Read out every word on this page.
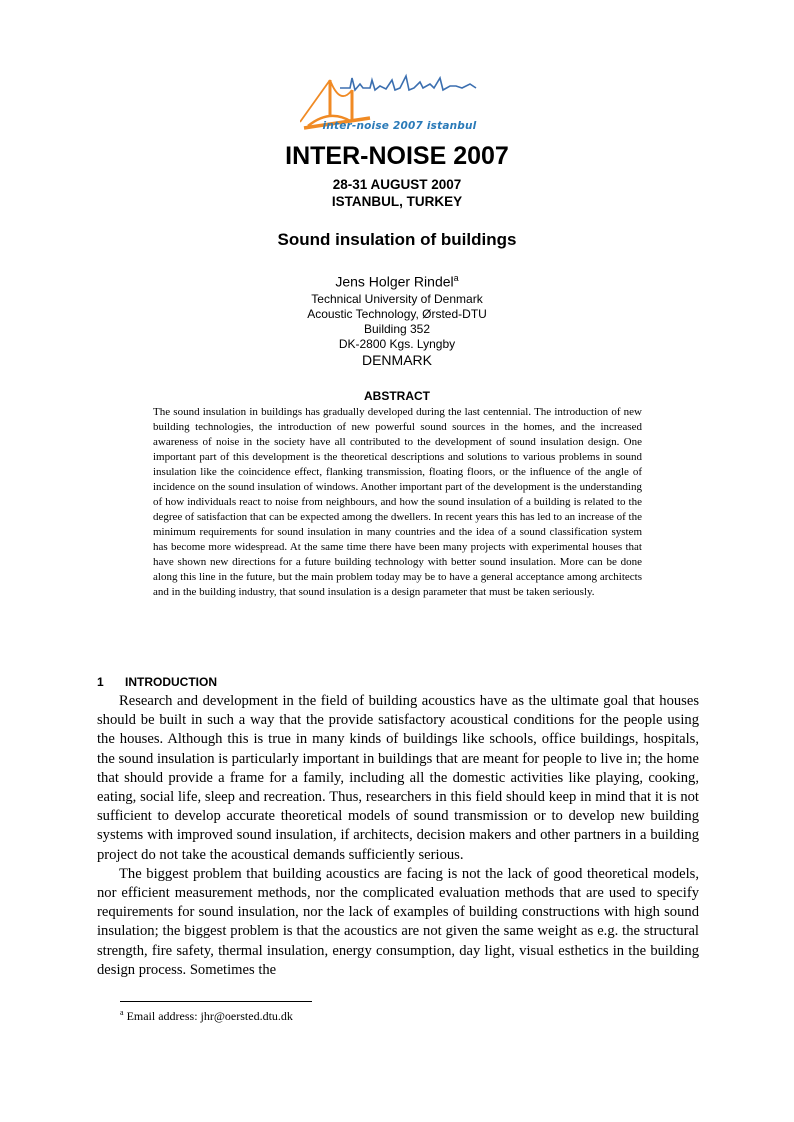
inter-noise 2007 istanbul
INTER-NOISE 2007
28-31 AUGUST 2007
ISTANBUL, TURKEY
Sound insulation of buildings
Jens Holger Rindel$^a$
Technical University of Denmark
Acoustic Technology, Ørsted-DTU
Building 352
DK-2800 Kgs. Lyngby
DENMARK
ABSTRACT
The sound insulation in buildings has gradually developed during the last centennial. The introduction of new building technologies, the introduction of new powerful sound sources in the homes, and the increased awareness of noise in the society have all contributed to the development of sound insulation design. One important part of this development is the theoretical descriptions and solutions to various problems in sound insulation like the coincidence effect, flanking transmission, floating floors, or the influence of the angle of incidence on the sound insulation of windows. Another important part of the development is the understanding of how individuals react to noise from neighbours, and how the sound insulation of a building is related to the degree of satisfaction that can be expected among the dwellers. In recent years this has led to an increase of the minimum requirements for sound insulation in many countries and the idea of a sound classification system has become more widespread. At the same time there have been many projects with experimental houses that have shown new directions for a future building technology with better sound insulation. More can be done along this line in the future, but the main problem today may be to have a general acceptance among architects and in the building industry, that sound insulation is a design parameter that must be taken seriously.
1 INTRODUCTION

Research and development in the field of building acoustics have as the ultimate goal that houses should be built in such a way that the provide satisfactory acoustical conditions for the people using the houses. Although this is true in many kinds of buildings like schools, office buildings, hospitals, the sound insulation is particularly important in buildings that are meant for people to live in; the home that should provide a frame for a family, including all the domestic activities like playing, cooking, eating, social life, sleep and recreation. Thus, researchers in this field should keep in mind that it is not sufficient to develop accurate theoretical models of sound transmission or to develop new building systems with improved sound insulation, if architects, decision makers and other partners in a building project do not take the acoustical demands sufficiently serious.

The biggest problem that building acoustics are facing is not the lack of good theoretical models, nor efficient measurement methods, nor the complicated evaluation methods that are used to specify requirements for sound insulation, nor the lack of examples of building constructions with high sound insulation; the biggest problem is that the acoustics are not given the same weight as e.g. the structural strength, fire safety, thermal insulation, energy consumption, day light, visual esthetics in the building design process. Sometimes the

$^a$ Email address: jhr@oersted.dtu.dk
